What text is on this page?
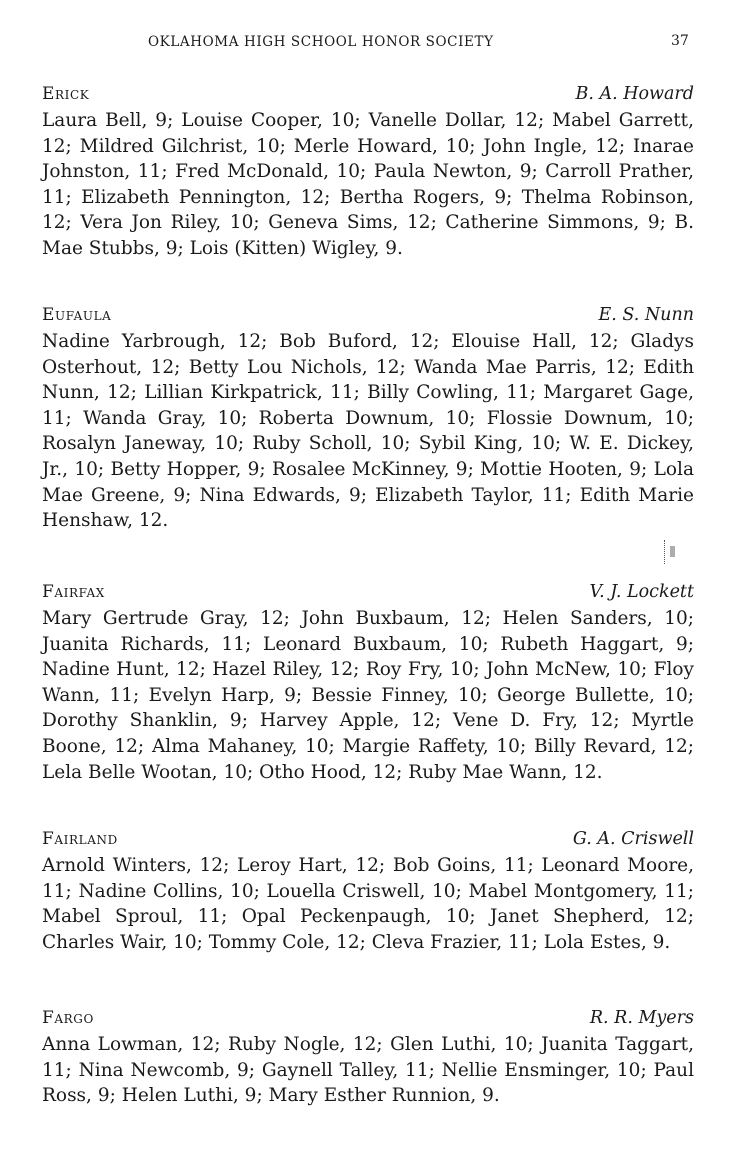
OKLAHOMA HIGH SCHOOL HONOR SOCIETY	37
Erick	B. A. Howard

Laura Bell, 9; Louise Cooper, 10; Vanelle Dollar, 12; Mabel Garrett, 12; Mildred Gilchrist, 10; Merle Howard, 10; John Ingle, 12; Inarae Johnston, 11; Fred McDonald, 10; Paula Newton, 9; Carroll Prather, 11; Elizabeth Pennington, 12; Bertha Rogers, 9; Thelma Robinson, 12; Vera Jon Riley, 10; Geneva Sims, 12; Catherine Simmons, 9; B. Mae Stubbs, 9; Lois (Kitten) Wigley, 9.

Eufaula	E. S. Nunn

Nadine Yarbrough, 12; Bob Buford, 12; Elouise Hall, 12; Gladys Osterhout, 12; Betty Lou Nichols, 12; Wanda Mae Parris, 12; Edith Nunn, 12; Lillian Kirkpatrick, 11; Billy Cowling, 11; Margaret Gage, 11; Wanda Gray, 10; Roberta Downum, 10; Flossie Downum, 10; Rosalyn Janeway, 10; Ruby Scholl, 10; Sybil King, 10; W. E. Dickey, Jr., 10; Betty Hopper, 9; Rosalee McKinney, 9; Mottie Hooten, 9; Lola Mae Greene, 9; Nina Edwards, 9; Elizabeth Taylor, 11; Edith Marie Henshaw, 12.

Fairfax	V. J. Lockett

Mary Gertrude Gray, 12; John Buxbaum, 12; Helen Sanders, 10; Juanita Richards, 11; Leonard Buxbaum, 10; Rubeth Haggart, 9; Nadine Hunt, 12; Hazel Riley, 12; Roy Fry, 10; John McNew, 10; Floy Wann, 11; Evelyn Harp, 9; Bessie Finney, 10; George Bullette, 10; Dorothy Shanklin, 9; Harvey Apple, 12; Vene D. Fry, 12; Myrtle Boone, 12; Alma Mahaney, 10; Margie Raffety, 10; Billy Revard, 12; Lela Belle Wootan, 10; Otho Hood, 12; Ruby Mae Wann, 12.

Fairland	G. A. Criswell

Arnold Winters, 12; Leroy Hart, 12; Bob Goins, 11; Leonard Moore, 11; Nadine Collins, 10; Louella Criswell, 10; Mabel Montgomery, 11; Mabel Sproul, 11; Opal Peckenpaugh, 10; Janet Shepherd, 12; Charles Wair, 10; Tommy Cole, 12; Cleva Frazier, 11; Lola Estes, 9.

Fargo	R. R. Myers

Anna Lowman, 12; Ruby Nogle, 12; Glen Luthi, 10; Juanita Taggart, 11; Nina Newcomb, 9; Gaynell Talley, 11; Nellie Ensminger, 10; Paul Ross, 9; Helen Luthi, 9; Mary Esther Runnion, 9.
